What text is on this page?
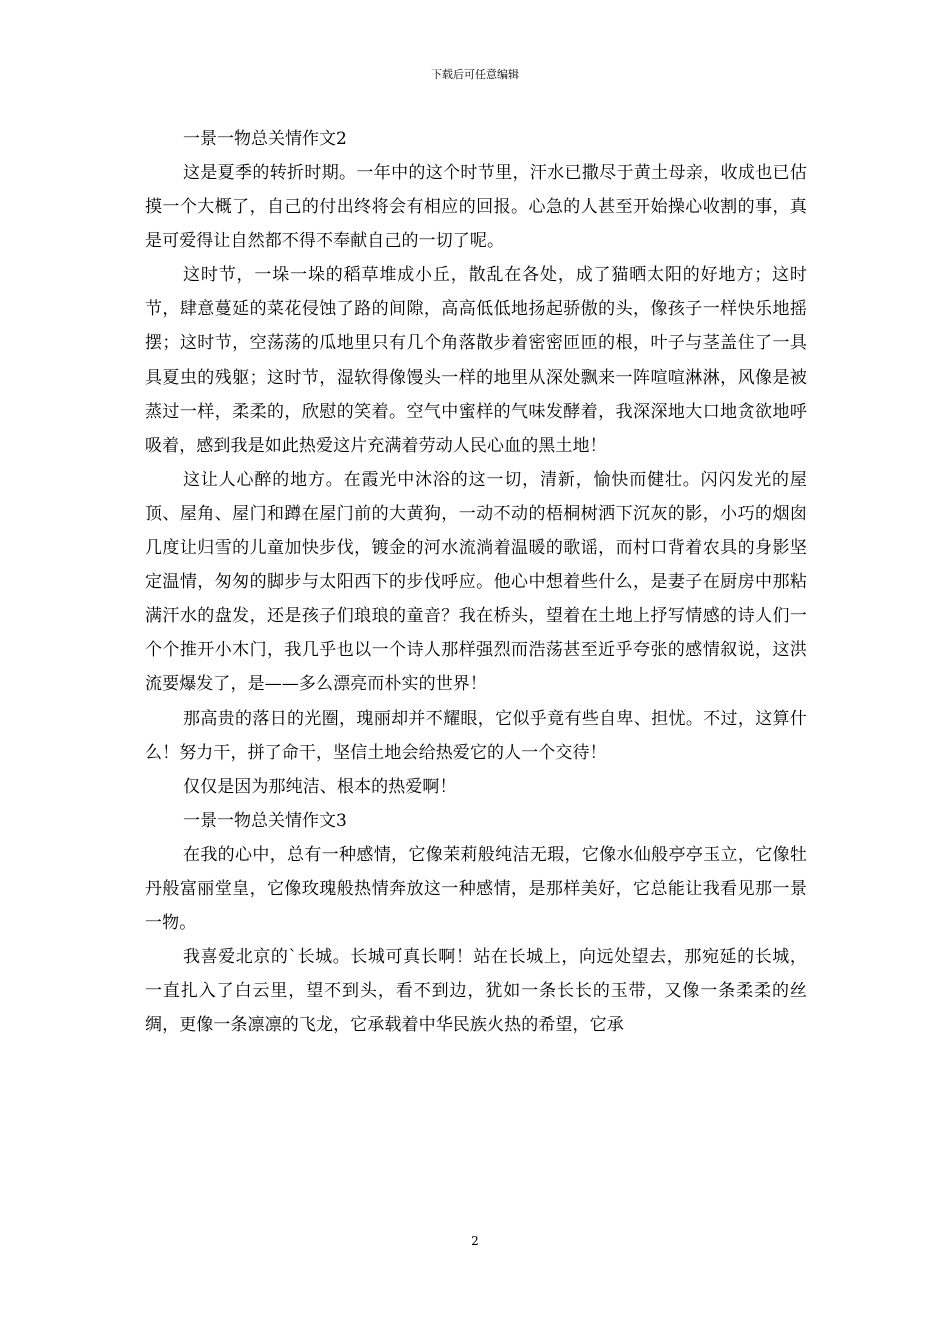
下载后可任意编辑

一景一物总关情作文2

这是夏季的转折时期。一年中的这个时节里，汗水已撒尽于黄土母亲，收成也已估摸一个大概了，自己的付出终将会有相应的回报。心急的人甚至开始操心收割的事，真是可爱得让自然都不得不奉献自己的一切了呢。

这时节，一垛一垛的稻草堆成小丘，散乱在各处，成了猫晒太阳的好地方；这时节，肆意蔓延的菜花侵蚀了路的间隙，高高低低地扬起骄傲的头，像孩子一样快乐地摇摆；这时节，空荡荡的瓜地里只有几个角落散步着密密匝匝的根，叶子与茎盖住了一具具夏虫的残躯；这时节，湿软得像馒头一样的地里从深处飘来一阵喧喧淋淋，风像是被蒸过一样，柔柔的，欣慰的笑着。空气中蜜样的气味发酵着，我深深地大口地贪欲地呼吸着，感到我是如此热爱这片充满着劳动人民心血的黑土地！

这让人心醉的地方。在霞光中沐浴的这一切，清新，愉快而健壮。闪闪发光的屋顶、屋角、屋门和蹲在屋门前的大黄狗，一动不动的梧桐树洒下沉灰的影，小巧的烟囱几度让归雪的儿童加快步伐，镀金的河水流淌着温暖的歌谣，而村口背着农具的身影坚定温情，匆匆的脚步与太阳西下的步伐呼应。他心中想着些什么，是妻子在厨房中那粘满汗水的盘发，还是孩子们琅琅的童音？我在桥头，望着在土地上抒写情感的诗人们一个个推开小木门，我几乎也以一个诗人那样强烈而浩荡甚至近乎夸张的感情叙说，这洪流要爆发了，是——多么漂亮而朴实的世界！

那高贵的落日的光圈，瑰丽却并不耀眼，它似乎竟有些自卑、担忧。不过，这算什么！努力干，拼了命干，坚信土地会给热爱它的人一个交待！

仅仅是因为那纯洁、根本的热爱啊！

一景一物总关情作文3

在我的心中，总有一种感情，它像茉莉般纯洁无瑕，它像水仙般亭亭玉立，它像牡丹般富丽堂皇，它像玫瑰般热情奔放这一种感情，是那样美好，它总能让我看见那一景一物。

我喜爱北京的`长城。长城可真长啊！站在长城上，向远处望去，那宛延的长城，一直扎入了白云里，望不到头，看不到边，犹如一条长长的玉带，又像一条柔柔的丝绸，更像一条凛凛的飞龙，它承载着中华民族火热的希望，它承

2
